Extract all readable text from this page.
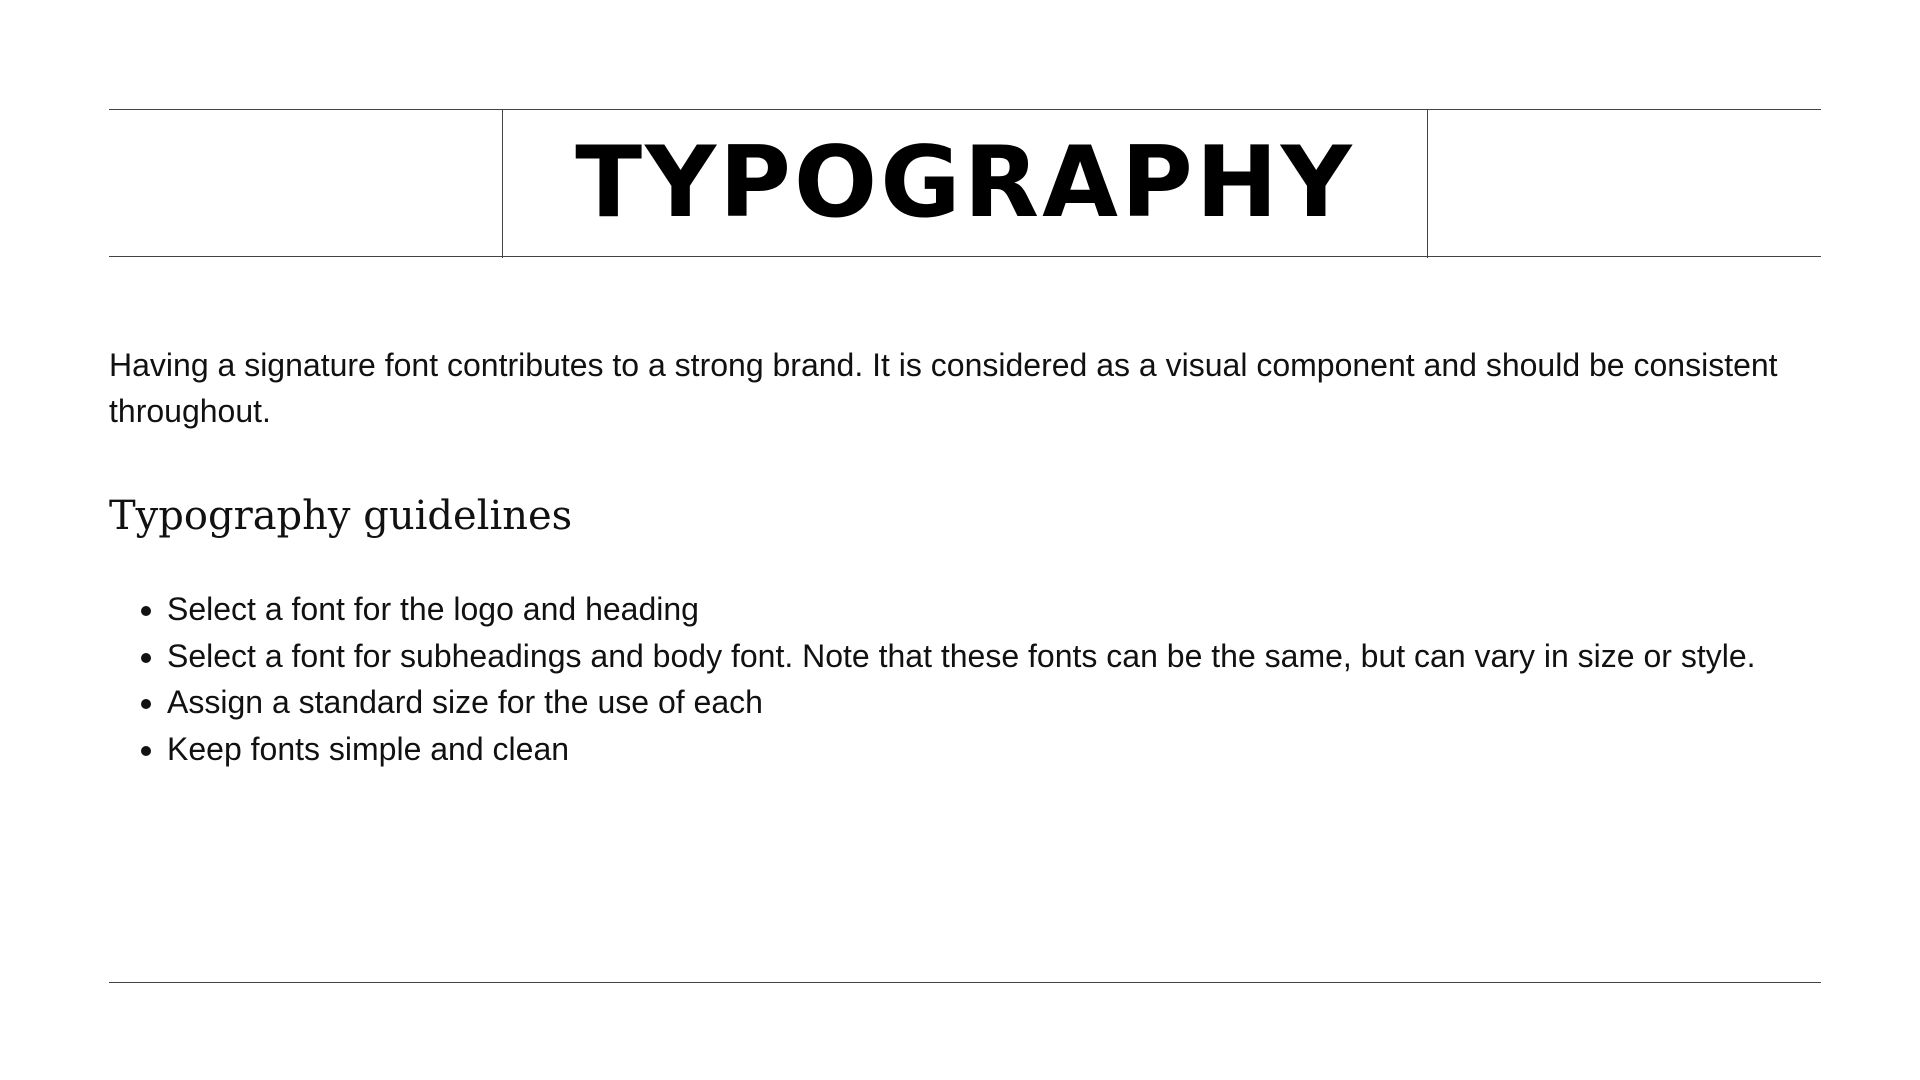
TYPOGRAPHY

Having a signature font contributes to a strong brand. It is considered as a visual component and should be consistent throughout.

Typography guidelines
• Select a font for the logo and heading
• Select a font for subheadings and body font. Note that these fonts can be the same, but can vary in size or style.
• Assign a standard size for the use of each
• Keep fonts simple and clean
